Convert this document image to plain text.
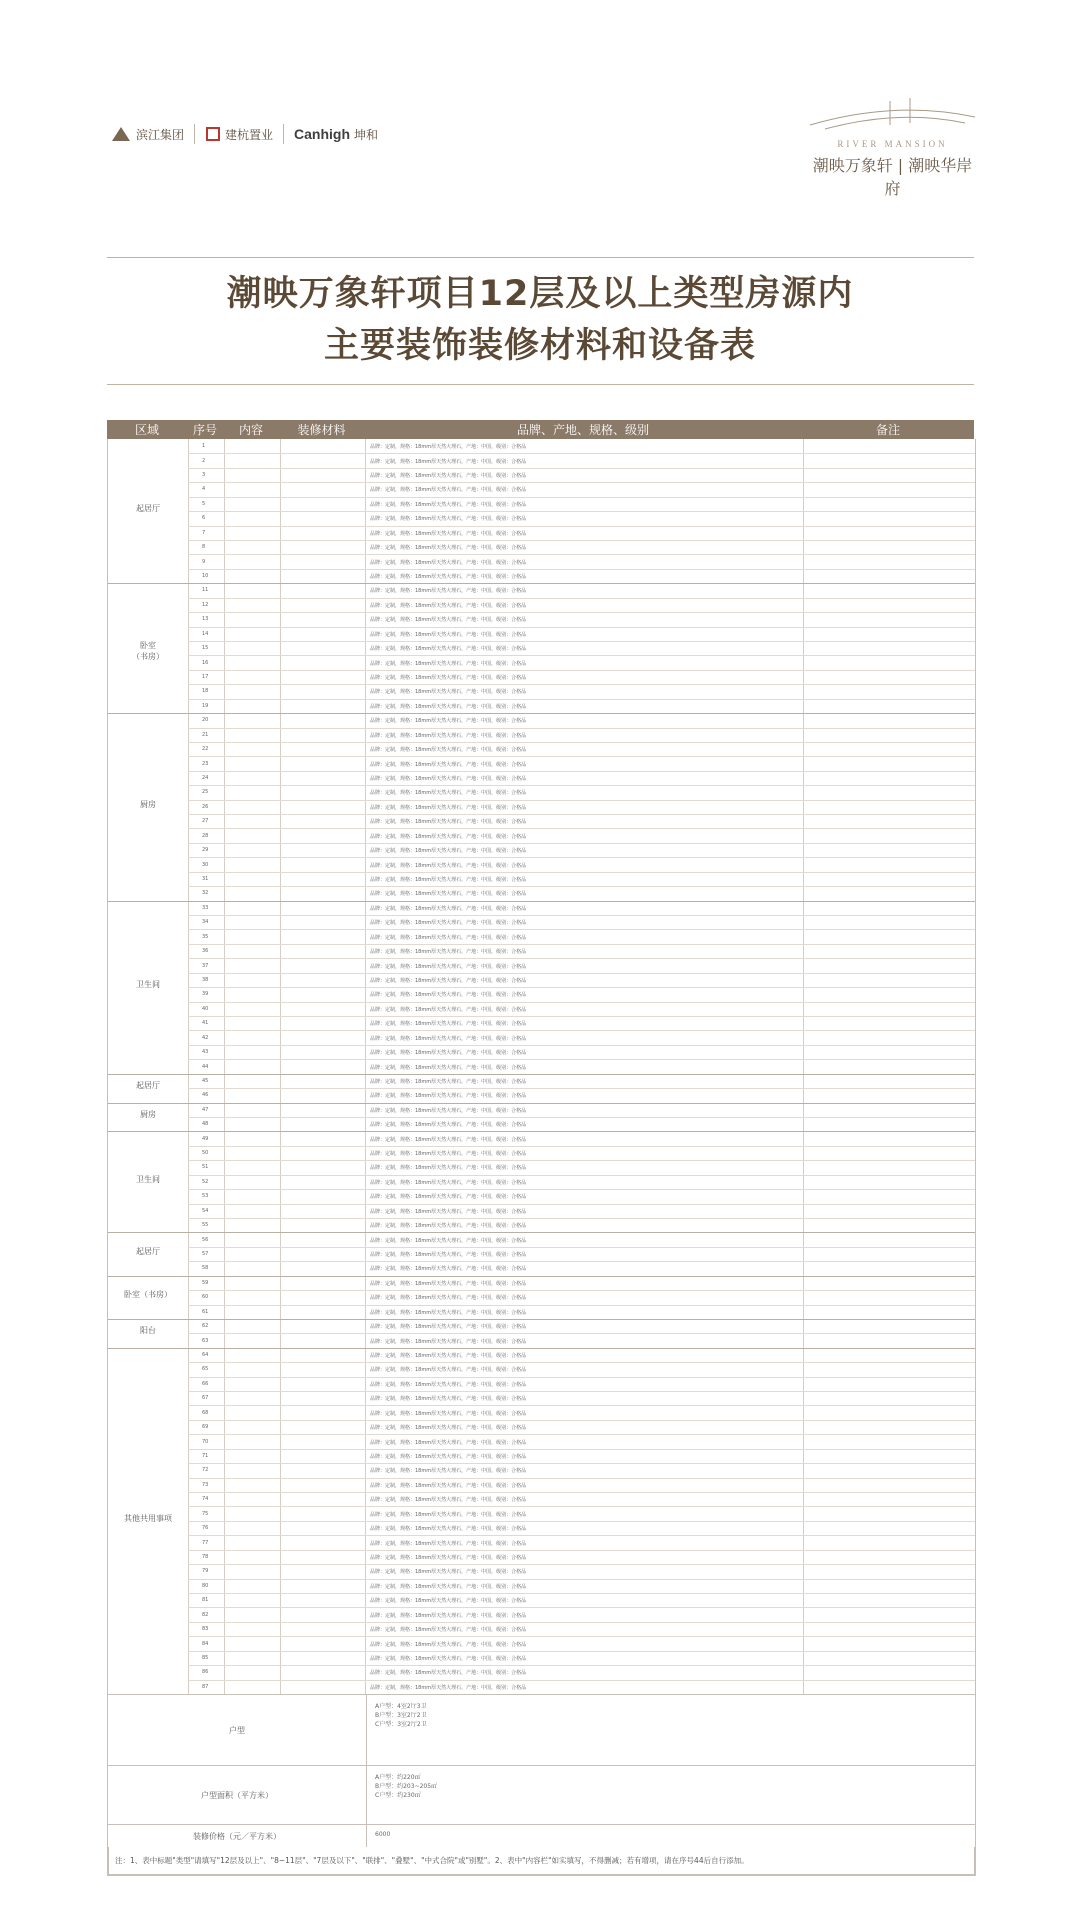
滨江集团	建杭置业 Canhigh 坤和
RIVER MANSION
潮映万象轩 | 潮映华岸府
潮映万象轩项目12层及以上类型房源内
主要装饰装修材料和设备表
区域	序号	内容	装修材料	品牌、产地、规格、级别	备注
起居厅
1	品牌：定制，规格：18mm厚天然大理石，产地：中国，级别：合格品
2	品牌：定制，规格：18mm厚天然大理石，产地：中国，级别：合格品
3	品牌：定制，规格：18mm厚天然大理石，产地：中国，级别：合格品
4	品牌：定制，规格：18mm厚天然大理石，产地：中国，级别：合格品
5	品牌：定制，规格：18mm厚天然大理石，产地：中国，级别：合格品
6	品牌：定制，规格：18mm厚天然大理石，产地：中国，级别：合格品
7	品牌：定制，规格：18mm厚天然大理石，产地：中国，级别：合格品
8	品牌：定制，规格：18mm厚天然大理石，产地：中国，级别：合格品
9	品牌：定制，规格：18mm厚天然大理石，产地：中国，级别：合格品
10	品牌：定制，规格：18mm厚天然大理石，产地：中国，级别：合格品
卧室
（书房）
11	品牌：定制，规格：18mm厚天然大理石，产地：中国，级别：合格品
12	品牌：定制，规格：18mm厚天然大理石，产地：中国，级别：合格品
13	品牌：定制，规格：18mm厚天然大理石，产地：中国，级别：合格品
14	品牌：定制，规格：18mm厚天然大理石，产地：中国，级别：合格品
15	品牌：定制，规格：18mm厚天然大理石，产地：中国，级别：合格品
16	品牌：定制，规格：18mm厚天然大理石，产地：中国，级别：合格品
17	品牌：定制，规格：18mm厚天然大理石，产地：中国，级别：合格品
18	品牌：定制，规格：18mm厚天然大理石，产地：中国，级别：合格品
19	品牌：定制，规格：18mm厚天然大理石，产地：中国，级别：合格品
厨房
20	品牌：定制，规格：18mm厚天然大理石，产地：中国，级别：合格品
21	品牌：定制，规格：18mm厚天然大理石，产地：中国，级别：合格品
22	品牌：定制，规格：18mm厚天然大理石，产地：中国，级别：合格品
23	品牌：定制，规格：18mm厚天然大理石，产地：中国，级别：合格品
24	品牌：定制，规格：18mm厚天然大理石，产地：中国，级别：合格品
25	品牌：定制，规格：18mm厚天然大理石，产地：中国，级别：合格品
26	品牌：定制，规格：18mm厚天然大理石，产地：中国，级别：合格品
27	品牌：定制，规格：18mm厚天然大理石，产地：中国，级别：合格品
28	品牌：定制，规格：18mm厚天然大理石，产地：中国，级别：合格品
29	品牌：定制，规格：18mm厚天然大理石，产地：中国，级别：合格品
30	品牌：定制，规格：18mm厚天然大理石，产地：中国，级别：合格品
31	品牌：定制，规格：18mm厚天然大理石，产地：中国，级别：合格品
32	品牌：定制，规格：18mm厚天然大理石，产地：中国，级别：合格品
卫生间
33	品牌：定制，规格：18mm厚天然大理石，产地：中国，级别：合格品
34	品牌：定制，规格：18mm厚天然大理石，产地：中国，级别：合格品
35	品牌：定制，规格：18mm厚天然大理石，产地：中国，级别：合格品
36	品牌：定制，规格：18mm厚天然大理石，产地：中国，级别：合格品
37	品牌：定制，规格：18mm厚天然大理石，产地：中国，级别：合格品
38	品牌：定制，规格：18mm厚天然大理石，产地：中国，级别：合格品
39	品牌：定制，规格：18mm厚天然大理石，产地：中国，级别：合格品
40	品牌：定制，规格：18mm厚天然大理石，产地：中国，级别：合格品
41	品牌：定制，规格：18mm厚天然大理石，产地：中国，级别：合格品
42	品牌：定制，规格：18mm厚天然大理石，产地：中国，级别：合格品
43	品牌：定制，规格：18mm厚天然大理石，产地：中国，级别：合格品
44	品牌：定制，规格：18mm厚天然大理石，产地：中国，级别：合格品
起居厅
45	品牌：定制，规格：18mm厚天然大理石，产地：中国，级别：合格品
46	品牌：定制，规格：18mm厚天然大理石，产地：中国，级别：合格品
厨房
47	品牌：定制，规格：18mm厚天然大理石，产地：中国，级别：合格品
48	品牌：定制，规格：18mm厚天然大理石，产地：中国，级别：合格品
卫生间
49	品牌：定制，规格：18mm厚天然大理石，产地：中国，级别：合格品
50	品牌：定制，规格：18mm厚天然大理石，产地：中国，级别：合格品
51	品牌：定制，规格：18mm厚天然大理石，产地：中国，级别：合格品
52	品牌：定制，规格：18mm厚天然大理石，产地：中国，级别：合格品
53	品牌：定制，规格：18mm厚天然大理石，产地：中国，级别：合格品
54	品牌：定制，规格：18mm厚天然大理石，产地：中国，级别：合格品
55	品牌：定制，规格：18mm厚天然大理石，产地：中国，级别：合格品
起居厅
56	品牌：定制，规格：18mm厚天然大理石，产地：中国，级别：合格品
57	品牌：定制，规格：18mm厚天然大理石，产地：中国，级别：合格品
58	品牌：定制，规格：18mm厚天然大理石，产地：中国，级别：合格品
卧室（书房）
59	品牌：定制，规格：18mm厚天然大理石，产地：中国，级别：合格品
60	品牌：定制，规格：18mm厚天然大理石，产地：中国，级别：合格品
61	品牌：定制，规格：18mm厚天然大理石，产地：中国，级别：合格品
阳台
62	品牌：定制，规格：18mm厚天然大理石，产地：中国，级别：合格品
63	品牌：定制，规格：18mm厚天然大理石，产地：中国，级别：合格品
其他共用事项
64	品牌：定制，规格：18mm厚天然大理石，产地：中国，级别：合格品
65	品牌：定制，规格：18mm厚天然大理石，产地：中国，级别：合格品
66	品牌：定制，规格：18mm厚天然大理石，产地：中国，级别：合格品
67	品牌：定制，规格：18mm厚天然大理石，产地：中国，级别：合格品
68	品牌：定制，规格：18mm厚天然大理石，产地：中国，级别：合格品
69	品牌：定制，规格：18mm厚天然大理石，产地：中国，级别：合格品
70	品牌：定制，规格：18mm厚天然大理石，产地：中国，级别：合格品
71	品牌：定制，规格：18mm厚天然大理石，产地：中国，级别：合格品
72	品牌：定制，规格：18mm厚天然大理石，产地：中国，级别：合格品
73	品牌：定制，规格：18mm厚天然大理石，产地：中国，级别：合格品
74	品牌：定制，规格：18mm厚天然大理石，产地：中国，级别：合格品
75	品牌：定制，规格：18mm厚天然大理石，产地：中国，级别：合格品
76	品牌：定制，规格：18mm厚天然大理石，产地：中国，级别：合格品
77	品牌：定制，规格：18mm厚天然大理石，产地：中国，级别：合格品
78	品牌：定制，规格：18mm厚天然大理石，产地：中国，级别：合格品
79	品牌：定制，规格：18mm厚天然大理石，产地：中国，级别：合格品
80	品牌：定制，规格：18mm厚天然大理石，产地：中国，级别：合格品
81	品牌：定制，规格：18mm厚天然大理石，产地：中国，级别：合格品
82	品牌：定制，规格：18mm厚天然大理石，产地：中国，级别：合格品
83	品牌：定制，规格：18mm厚天然大理石，产地：中国，级别：合格品
84	品牌：定制，规格：18mm厚天然大理石，产地：中国，级别：合格品
85	品牌：定制，规格：18mm厚天然大理石，产地：中国，级别：合格品
86	品牌：定制，规格：18mm厚天然大理石，产地：中国，级别：合格品
87	品牌：定制，规格：18mm厚天然大理石，产地：中国，级别：合格品
户型
A户型：4室2厅3卫
B户型：3室2厅2卫
C户型：3室2厅2卫
户型面积（平方米）
A户型：约220㎡
B户型：约203~205㎡
C户型：约230㎡
装修价格（元／平方米）	6000
注：1、表中标题"类型"请填写"12层及以上"、"8~11层"、"7层及以下"、"联排"、"叠墅"、"中式合院"或"别墅"。2、表中"内容栏"如实填写，不得删减；若有增项，请在序号44后自行添加。
